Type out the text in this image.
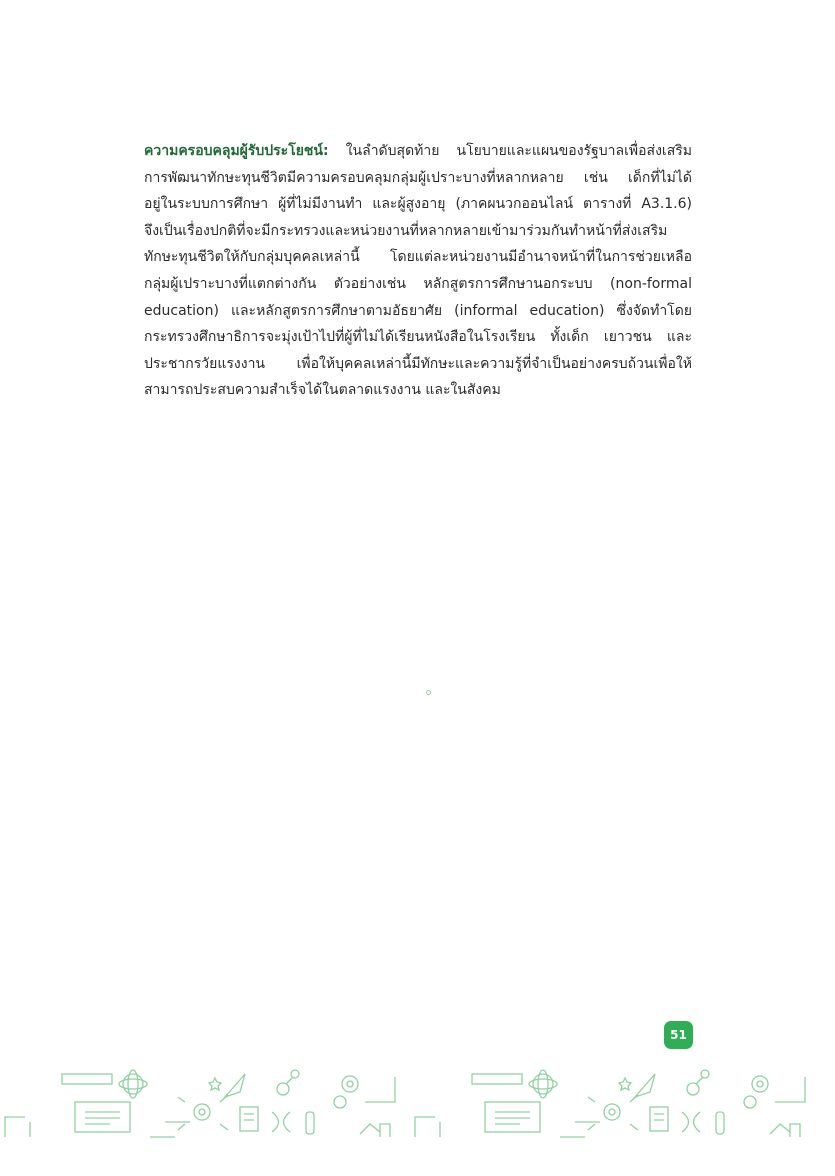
ความครอบคลุมผู้รับประโยชน์: ในลำดับสุดท้าย นโยบายและแผนของรัฐบาลเพื่อส่งเสริม
การพัฒนาทักษะทุนชีวิตมีความครอบคลุมกลุ่มผู้เปราะบางที่หลากหลาย เช่น เด็กที่ไม่ได้
อยู่ในระบบการศึกษา ผู้ที่ไม่มีงานทำ และผู้สูงอายุ (ภาคผนวกออนไลน์ ตารางที่ A3.1.6)
จึงเป็นเรื่องปกติที่จะมีกระทรวงและหน่วยงานที่หลากหลายเข้ามาร่วมกันทำหน้าที่ส่งเสริม
ทักษะทุนชีวิตให้กับกลุ่มบุคคลเหล่านี้ โดยแต่ละหน่วยงานมีอำนาจหน้าที่ในการช่วยเหลือ
กลุ่มผู้เปราะบางที่แตกต่างกัน ตัวอย่างเช่น หลักสูตรการศึกษานอกระบบ (non-formal
education) และหลักสูตรการศึกษาตามอัธยาศัย (informal education) ซึ่งจัดทำโดย
กระทรวงศึกษาธิการจะมุ่งเป้าไปที่ผู้ที่ไม่ได้เรียนหนังสือในโรงเรียน ทั้งเด็ก เยาวชน และ
ประชากรวัยแรงงาน เพื่อให้บุคคลเหล่านี้มีทักษะและความรู้ที่จำเป็นอย่างครบถ้วนเพื่อให้
สามารถประสบความสำเร็จได้ในตลาดแรงงาน และในสังคม
51
